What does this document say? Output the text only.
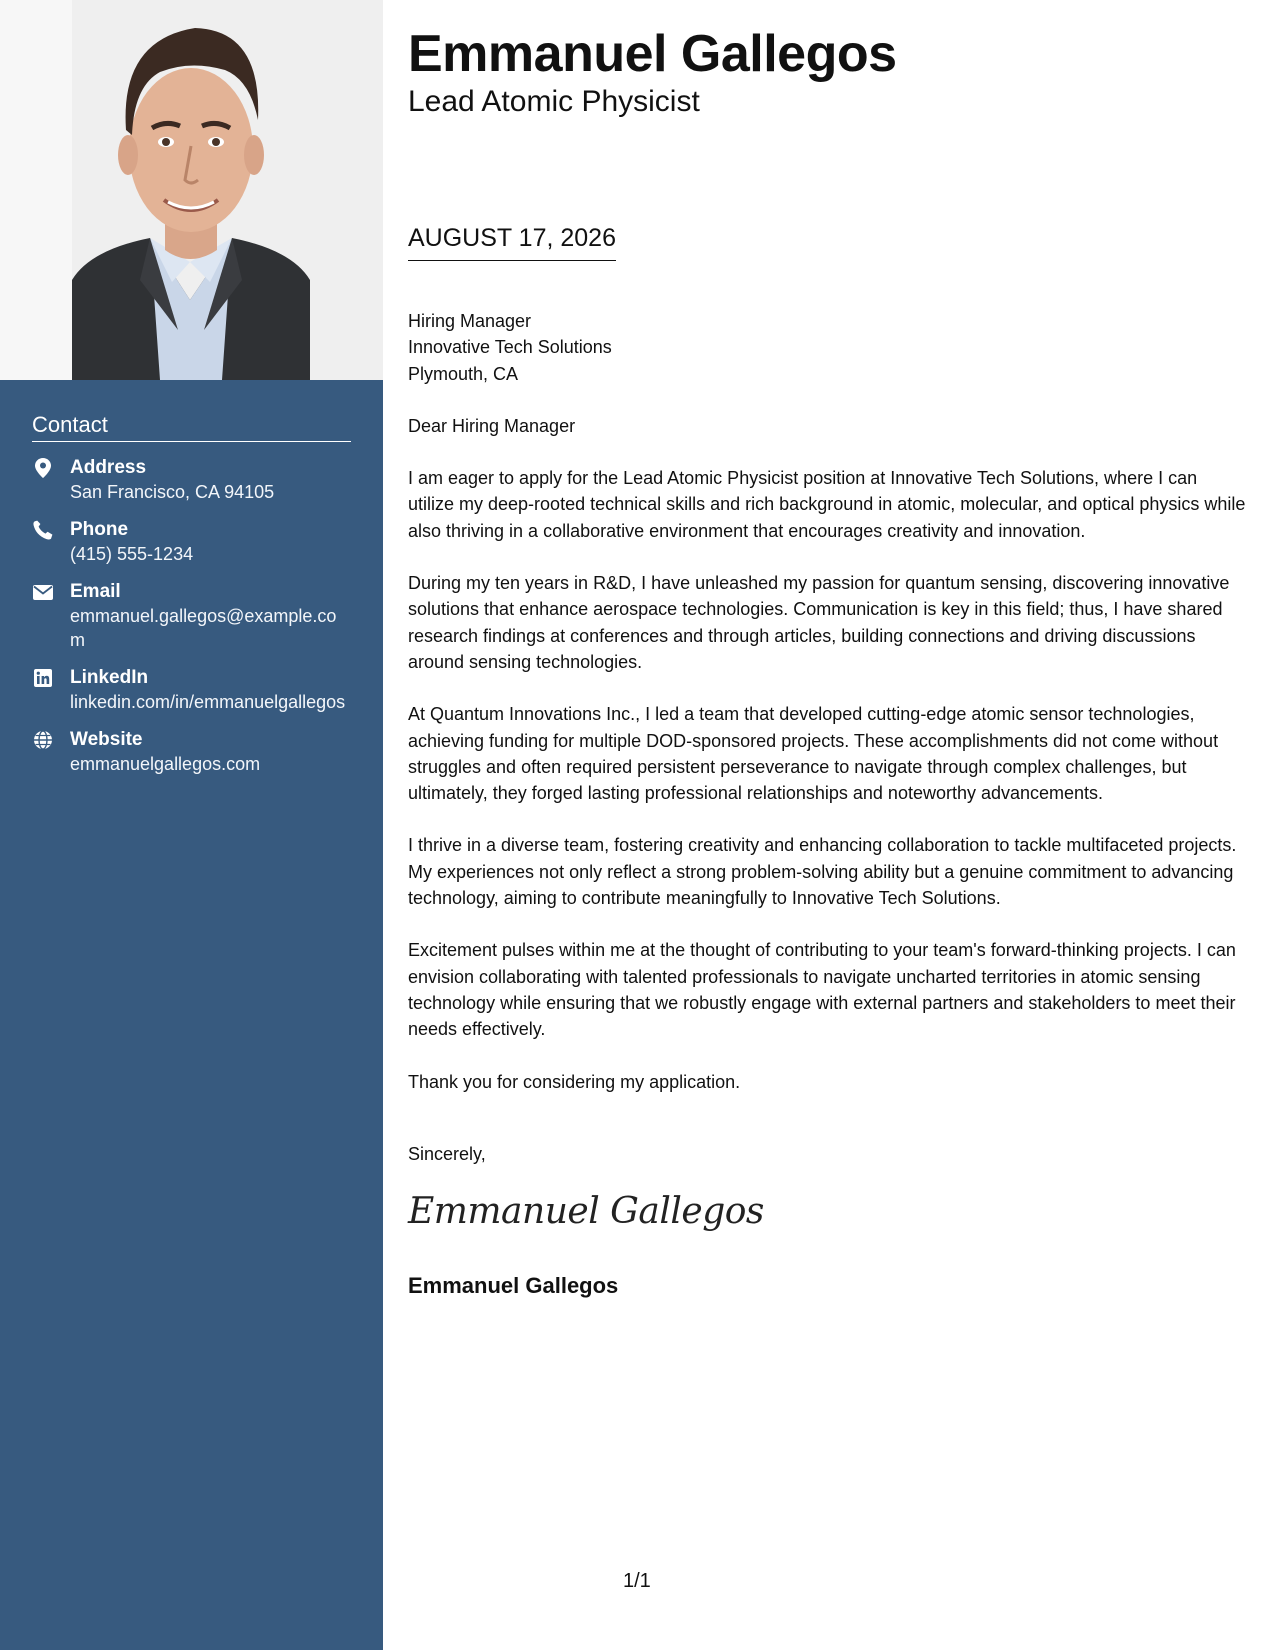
Contact
Address
San Francisco, CA 94105
Phone
(415) 555-1234
Email
emmanuel.gallegos@example.com
LinkedIn
linkedin.com/in/emmanuelgallegos
Website
emmanuelgallegos.com
Emmanuel Gallegos
Lead Atomic Physicist
AUGUST 17, 2026

Hiring Manager
Innovative Tech Solutions
Plymouth, CA

Dear Hiring Manager

I am eager to apply for the Lead Atomic Physicist position at Innovative Tech Solutions, where I can utilize my deep-rooted technical skills and rich background in atomic, molecular, and optical physics while also thriving in a collaborative environment that encourages creativity and innovation.

During my ten years in R&D, I have unleashed my passion for quantum sensing, discovering innovative solutions that enhance aerospace technologies. Communication is key in this field; thus, I have shared research findings at conferences and through articles, building connections and driving discussions around sensing technologies.

At Quantum Innovations Inc., I led a team that developed cutting-edge atomic sensor technologies, achieving funding for multiple DOD-sponsored projects. These accomplishments did not come without struggles and often required persistent perseverance to navigate through complex challenges, but ultimately, they forged lasting professional relationships and noteworthy advancements.

I thrive in a diverse team, fostering creativity and enhancing collaboration to tackle multifaceted projects. My experiences not only reflect a strong problem-solving ability but a genuine commitment to advancing technology, aiming to contribute meaningfully to Innovative Tech Solutions.

Excitement pulses within me at the thought of contributing to your team's forward-thinking projects. I can envision collaborating with talented professionals to navigate uncharted territories in atomic sensing technology while ensuring that we robustly engage with external partners and stakeholders to meet their needs effectively.

Thank you for considering my application.

Sincerely,
Emmanuel Gallegos
Emmanuel Gallegos
1/1
